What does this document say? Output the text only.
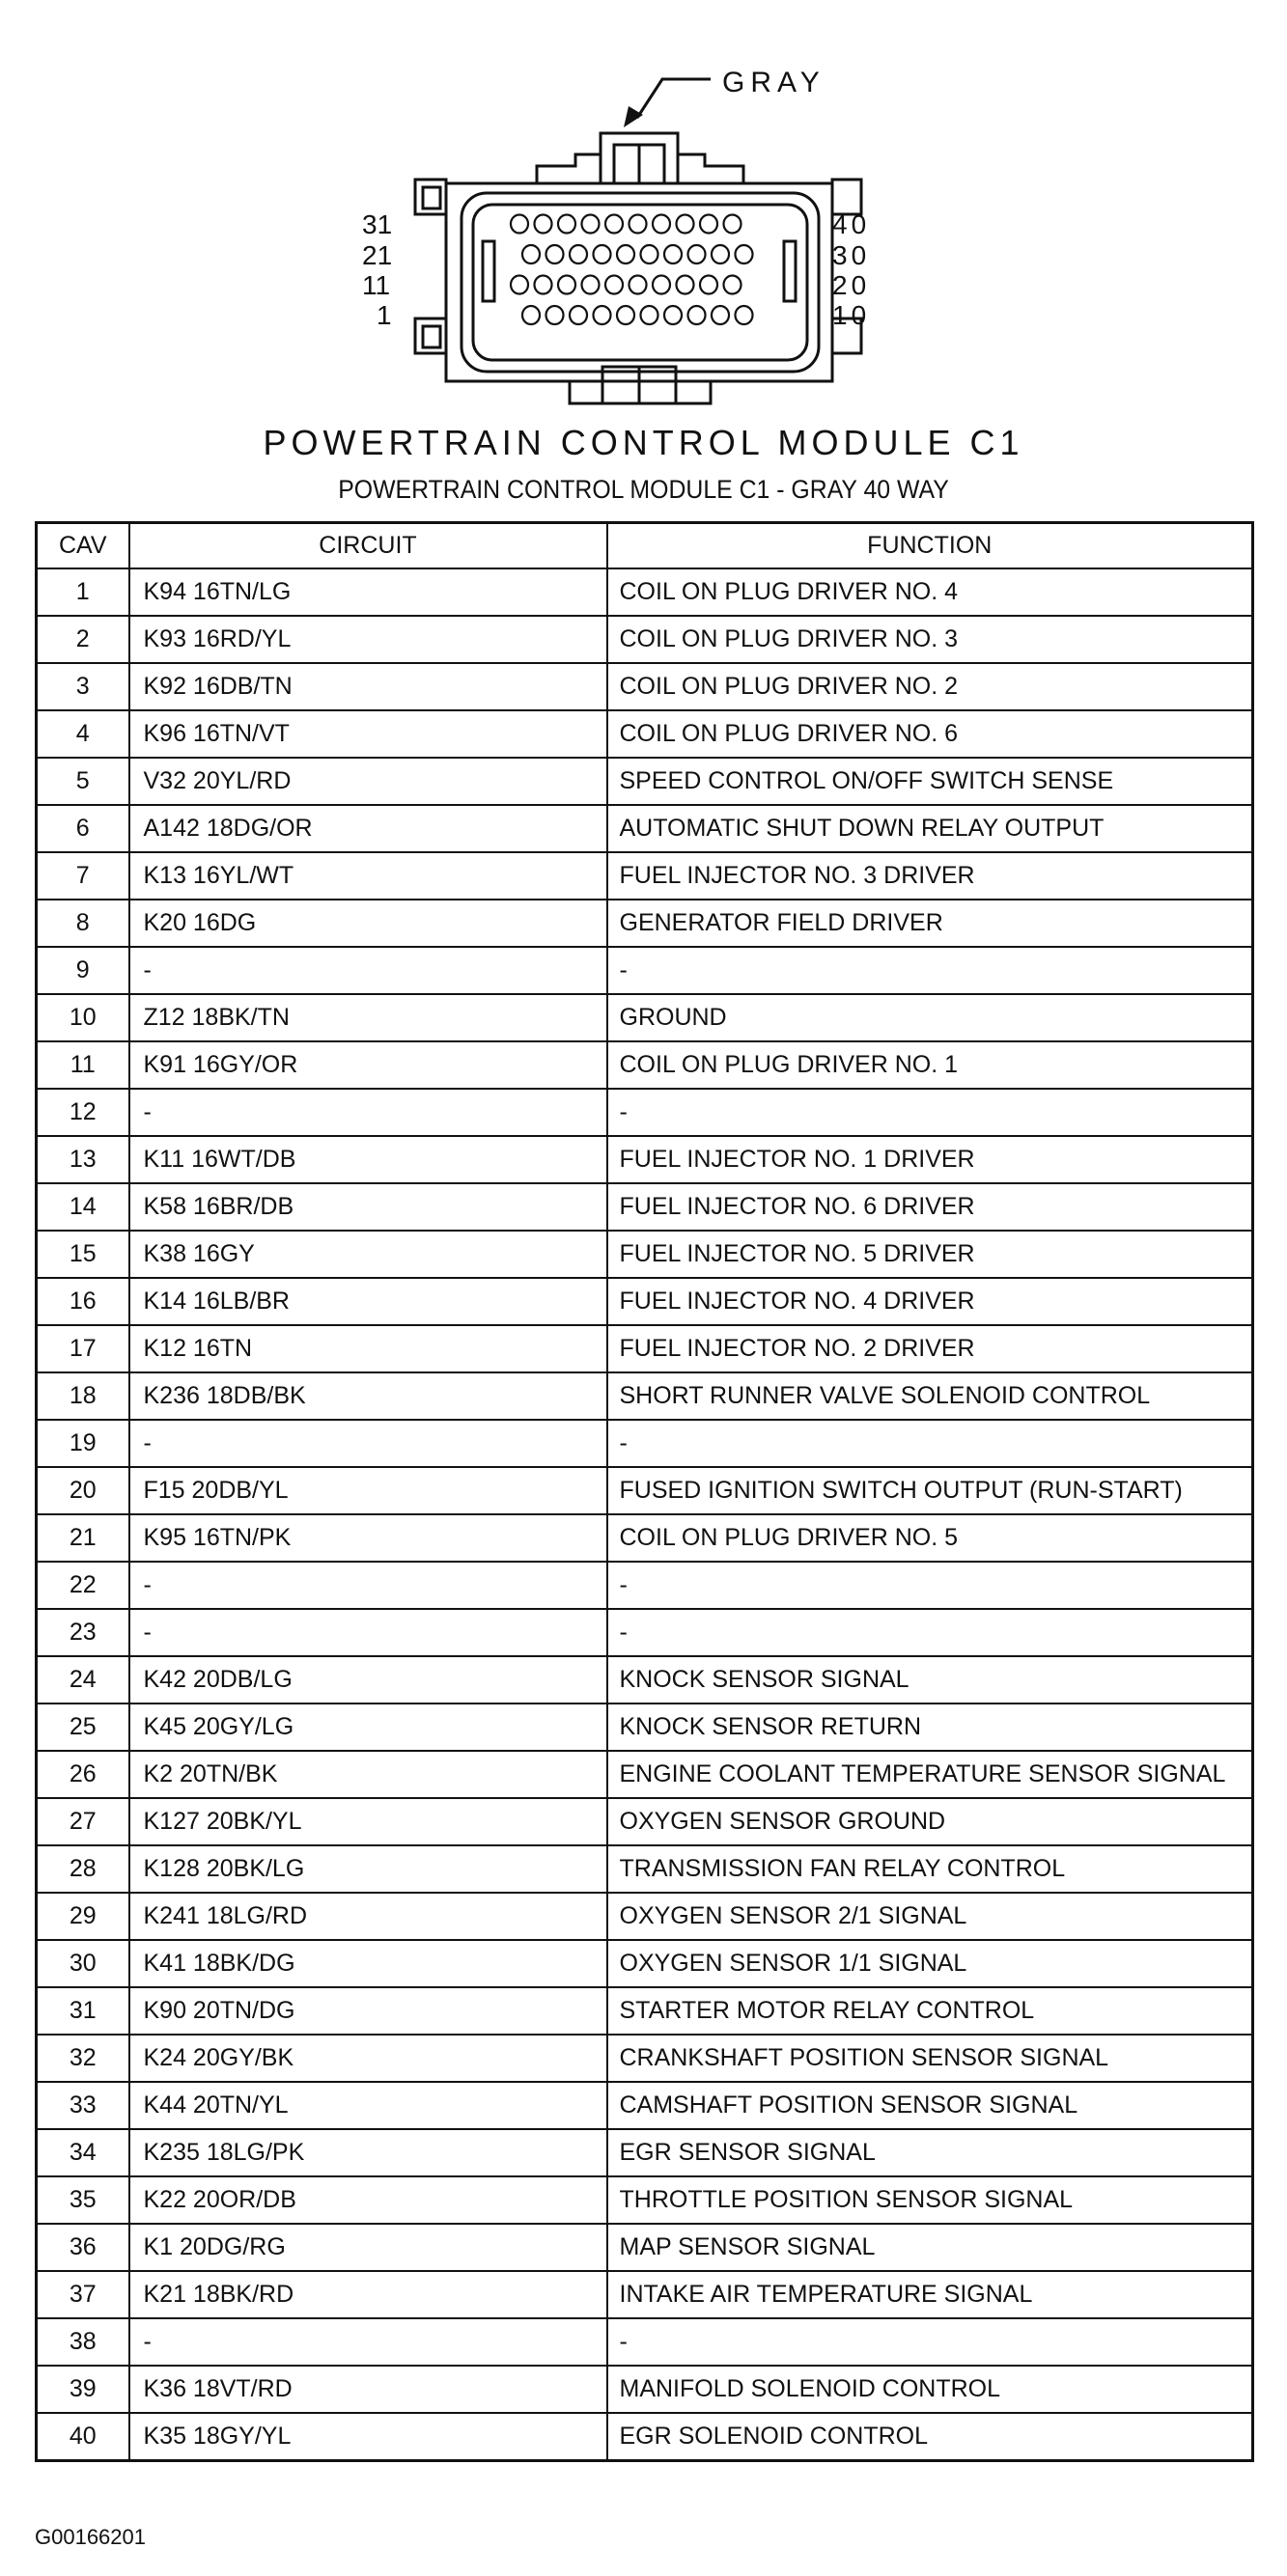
GRAY
31
21
11
1
40
30
20
10
POWERTRAIN CONTROL MODULE C1
POWERTRAIN CONTROL MODULE C1 - GRAY 40 WAY
CAV	CIRCUIT	FUNCTION
1	K94 16TN/LG	COIL ON PLUG DRIVER NO. 4
2	K93 16RD/YL	COIL ON PLUG DRIVER NO. 3
3	K92 16DB/TN	COIL ON PLUG DRIVER NO. 2
4	K96 16TN/VT	COIL ON PLUG DRIVER NO. 6
5	V32 20YL/RD	SPEED CONTROL ON/OFF SWITCH SENSE
6	A142 18DG/OR	AUTOMATIC SHUT DOWN RELAY OUTPUT
7	K13 16YL/WT	FUEL INJECTOR NO. 3 DRIVER
8	K20 16DG	GENERATOR FIELD DRIVER
9	-	-
10	Z12 18BK/TN	GROUND
11	K91 16GY/OR	COIL ON PLUG DRIVER NO. 1
12	-	-
13	K11 16WT/DB	FUEL INJECTOR NO. 1 DRIVER
14	K58 16BR/DB	FUEL INJECTOR NO. 6 DRIVER
15	K38 16GY	FUEL INJECTOR NO. 5 DRIVER
16	K14 16LB/BR	FUEL INJECTOR NO. 4 DRIVER
17	K12 16TN	FUEL INJECTOR NO. 2 DRIVER
18	K236 18DB/BK	SHORT RUNNER VALVE SOLENOID CONTROL
19	-	-
20	F15 20DB/YL	FUSED IGNITION SWITCH OUTPUT (RUN-START)
21	K95 16TN/PK	COIL ON PLUG DRIVER NO. 5
22	-	-
23	-	-
24	K42 20DB/LG	KNOCK SENSOR SIGNAL
25	K45 20GY/LG	KNOCK SENSOR RETURN
26	K2 20TN/BK	ENGINE COOLANT TEMPERATURE SENSOR SIGNAL
27	K127 20BK/YL	OXYGEN SENSOR GROUND
28	K128 20BK/LG	TRANSMISSION FAN RELAY CONTROL
29	K241 18LG/RD	OXYGEN SENSOR 2/1 SIGNAL
30	K41 18BK/DG	OXYGEN SENSOR 1/1 SIGNAL
31	K90 20TN/DG	STARTER MOTOR RELAY CONTROL
32	K24 20GY/BK	CRANKSHAFT POSITION SENSOR SIGNAL
33	K44 20TN/YL	CAMSHAFT POSITION SENSOR SIGNAL
34	K235 18LG/PK	EGR SENSOR SIGNAL
35	K22 20OR/DB	THROTTLE POSITION SENSOR SIGNAL
36	K1 20DG/RG	MAP SENSOR SIGNAL
37	K21 18BK/RD	INTAKE AIR TEMPERATURE SIGNAL
38	-	-
39	K36 18VT/RD	MANIFOLD SOLENOID CONTROL
40	K35 18GY/YL	EGR SOLENOID CONTROL
G00166201
